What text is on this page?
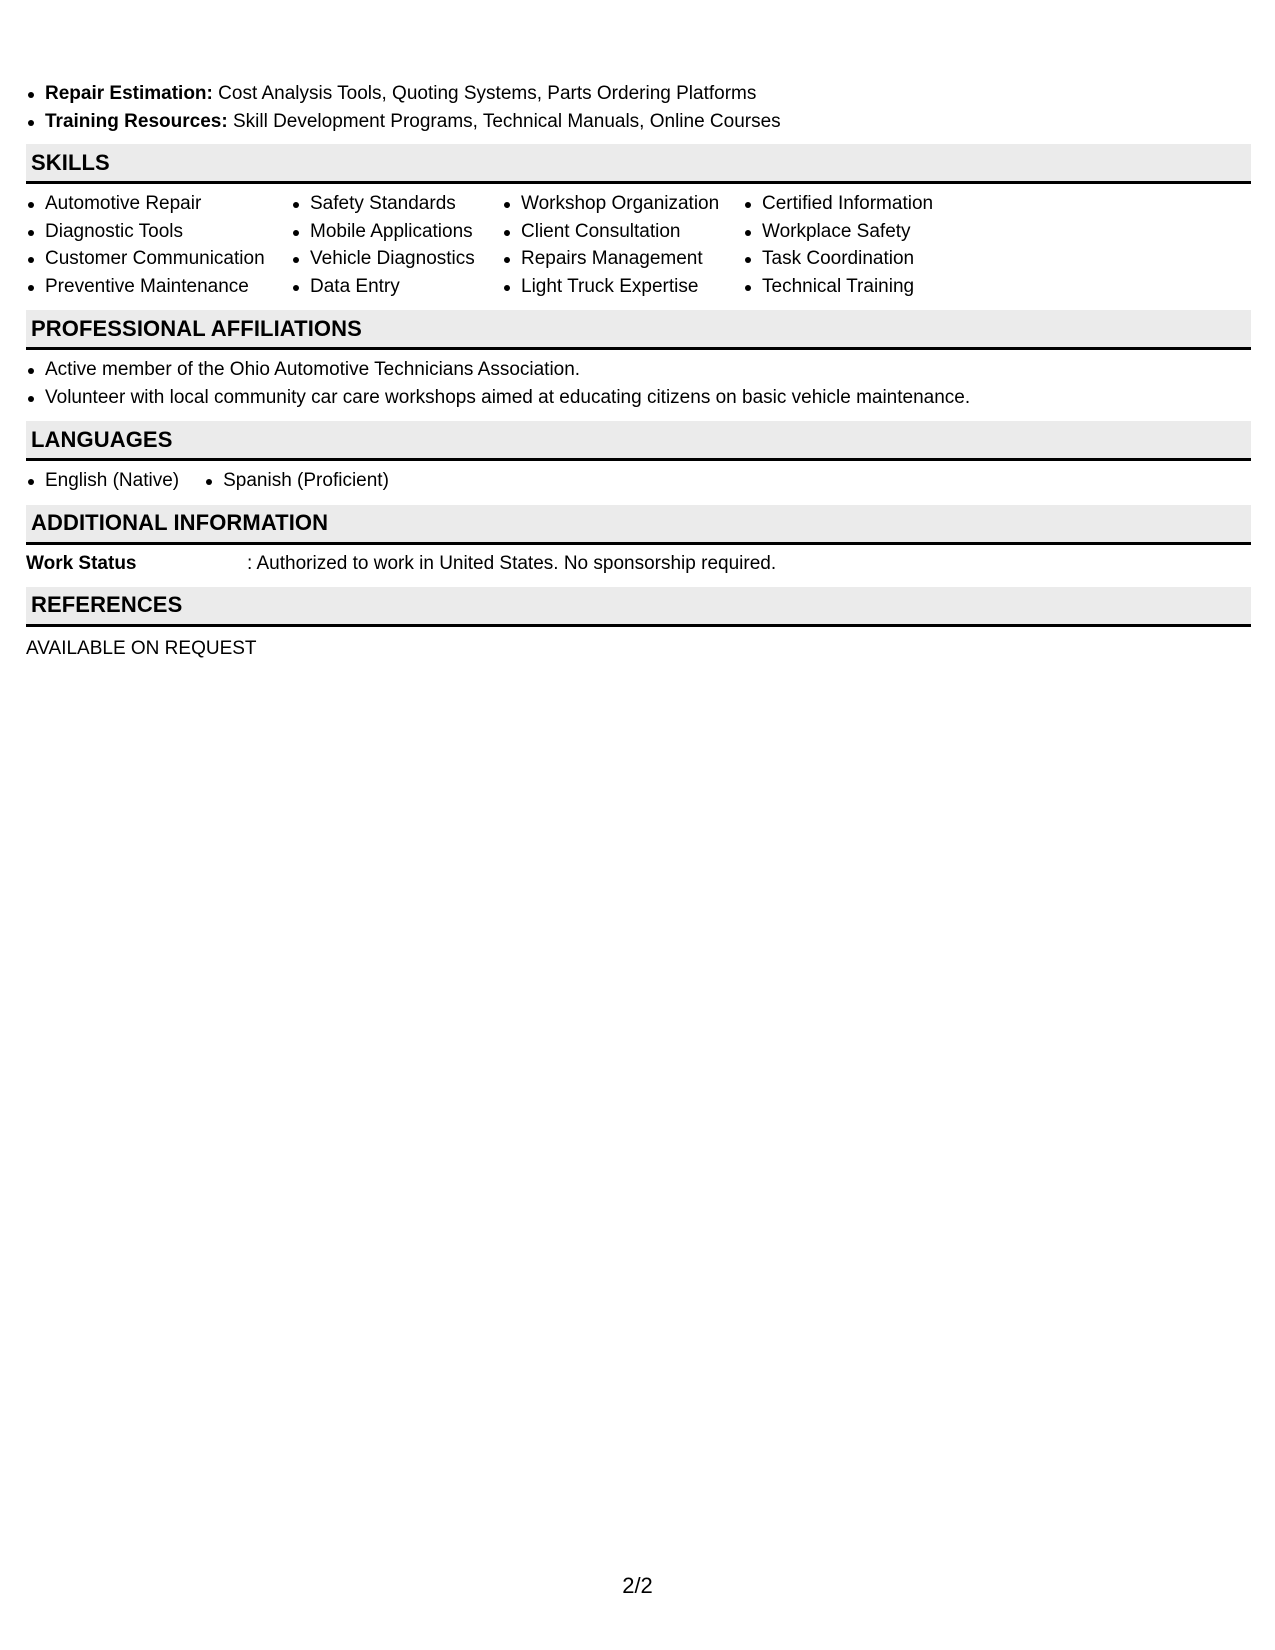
Repair Estimation: Cost Analysis Tools, Quoting Systems, Parts Ordering Platforms
Training Resources: Skill Development Programs, Technical Manuals, Online Courses
SKILLS
Automotive Repair
Diagnostic Tools
Customer Communication
Preventive Maintenance
Safety Standards
Mobile Applications
Vehicle Diagnostics
Data Entry
Workshop Organization
Client Consultation
Repairs Management
Light Truck Expertise
Certified Information
Workplace Safety
Task Coordination
Technical Training
PROFESSIONAL AFFILIATIONS
Active member of the Ohio Automotive Technicians Association.
Volunteer with local community car care workshops aimed at educating citizens on basic vehicle maintenance.
LANGUAGES
English (Native)	Spanish (Proficient)
ADDITIONAL INFORMATION
Work Status	: Authorized to work in United States. No sponsorship required.
REFERENCES
AVAILABLE ON REQUEST
2/2
